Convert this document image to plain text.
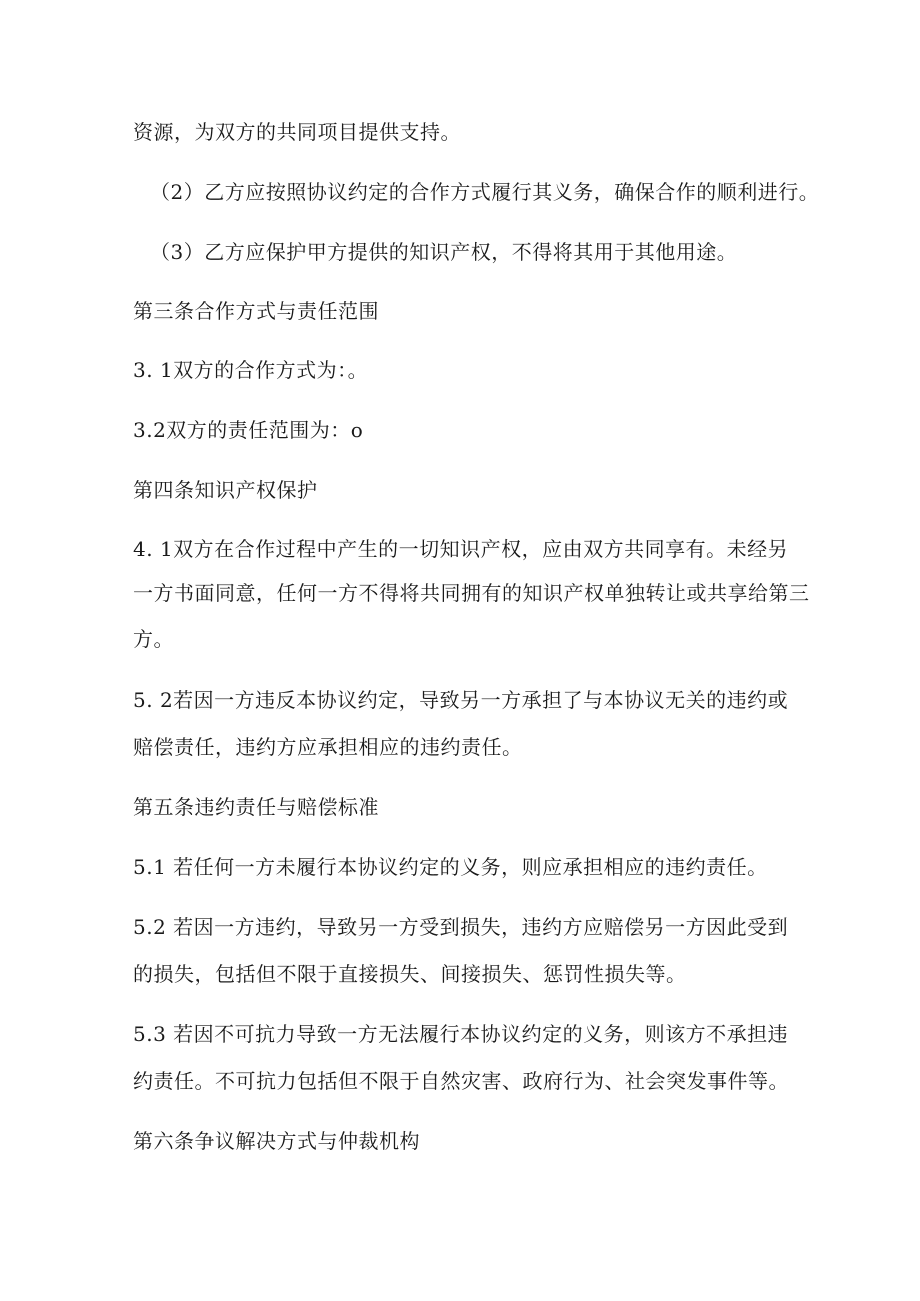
资源，为双方的共同项目提供支持。
（2）乙方应按照协议约定的合作方式履行其义务，确保合作的顺利进行。
（3）乙方应保护甲方提供的知识产权，不得将其用于其他用途。
第三条合作方式与责任范围
3. 1双方的合作方式为：。
3.2双方的责任范围为：o
第四条知识产权保护
4. 1双方在合作过程中产生的一切知识产权，应由双方共同享有。未经另
一方书面同意，任何一方不得将共同拥有的知识产权单独转让或共享给第三
方。
5. 2若因一方违反本协议约定，导致另一方承担了与本协议无关的违约或
赔偿责任，违约方应承担相应的违约责任。
第五条违约责任与赔偿标准
5.1 若任何一方未履行本协议约定的义务，则应承担相应的违约责任。
5.2 若因一方违约，导致另一方受到损失，违约方应赔偿另一方因此受到
的损失，包括但不限于直接损失、间接损失、惩罚性损失等。
5.3 若因不可抗力导致一方无法履行本协议约定的义务，则该方不承担违
约责任。不可抗力包括但不限于自然灾害、政府行为、社会突发事件等。
第六条争议解决方式与仲裁机构
